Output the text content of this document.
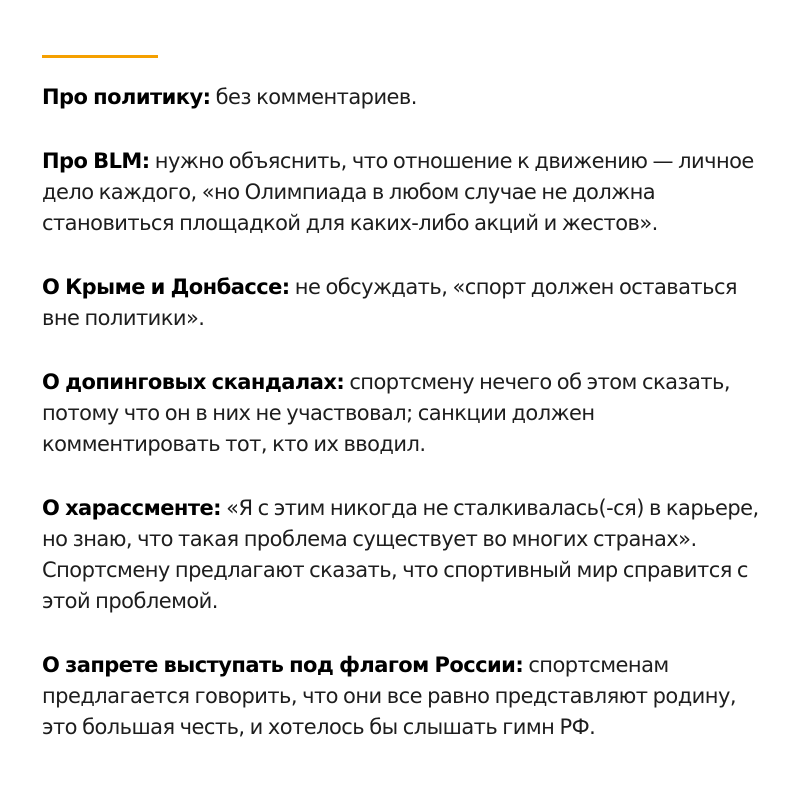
Про политику: без комментариев.

Про BLM: нужно объяснить, что отношение к движению — личное дело каждого, «но Олимпиада в любом случае не должна становиться площадкой для каких-либо акций и жестов».

О Крыме и Донбассе: не обсуждать, «спорт должен оставаться вне политики».

О допинговых скандалах: спортсмену нечего об этом сказать, потому что он в них не участвовал; санкции должен комментировать тот, кто их вводил.

О харассменте: «Я с этим никогда не сталкивалась(-ся) в карьере, но знаю, что такая проблема существует во многих странах». Спортсмену предлагают сказать, что спортивный мир справится с этой проблемой.

О запрете выступать под флагом России: спортсменам предлагается говорить, что они все равно представляют родину, это большая честь, и хотелось бы слышать гимн РФ.
